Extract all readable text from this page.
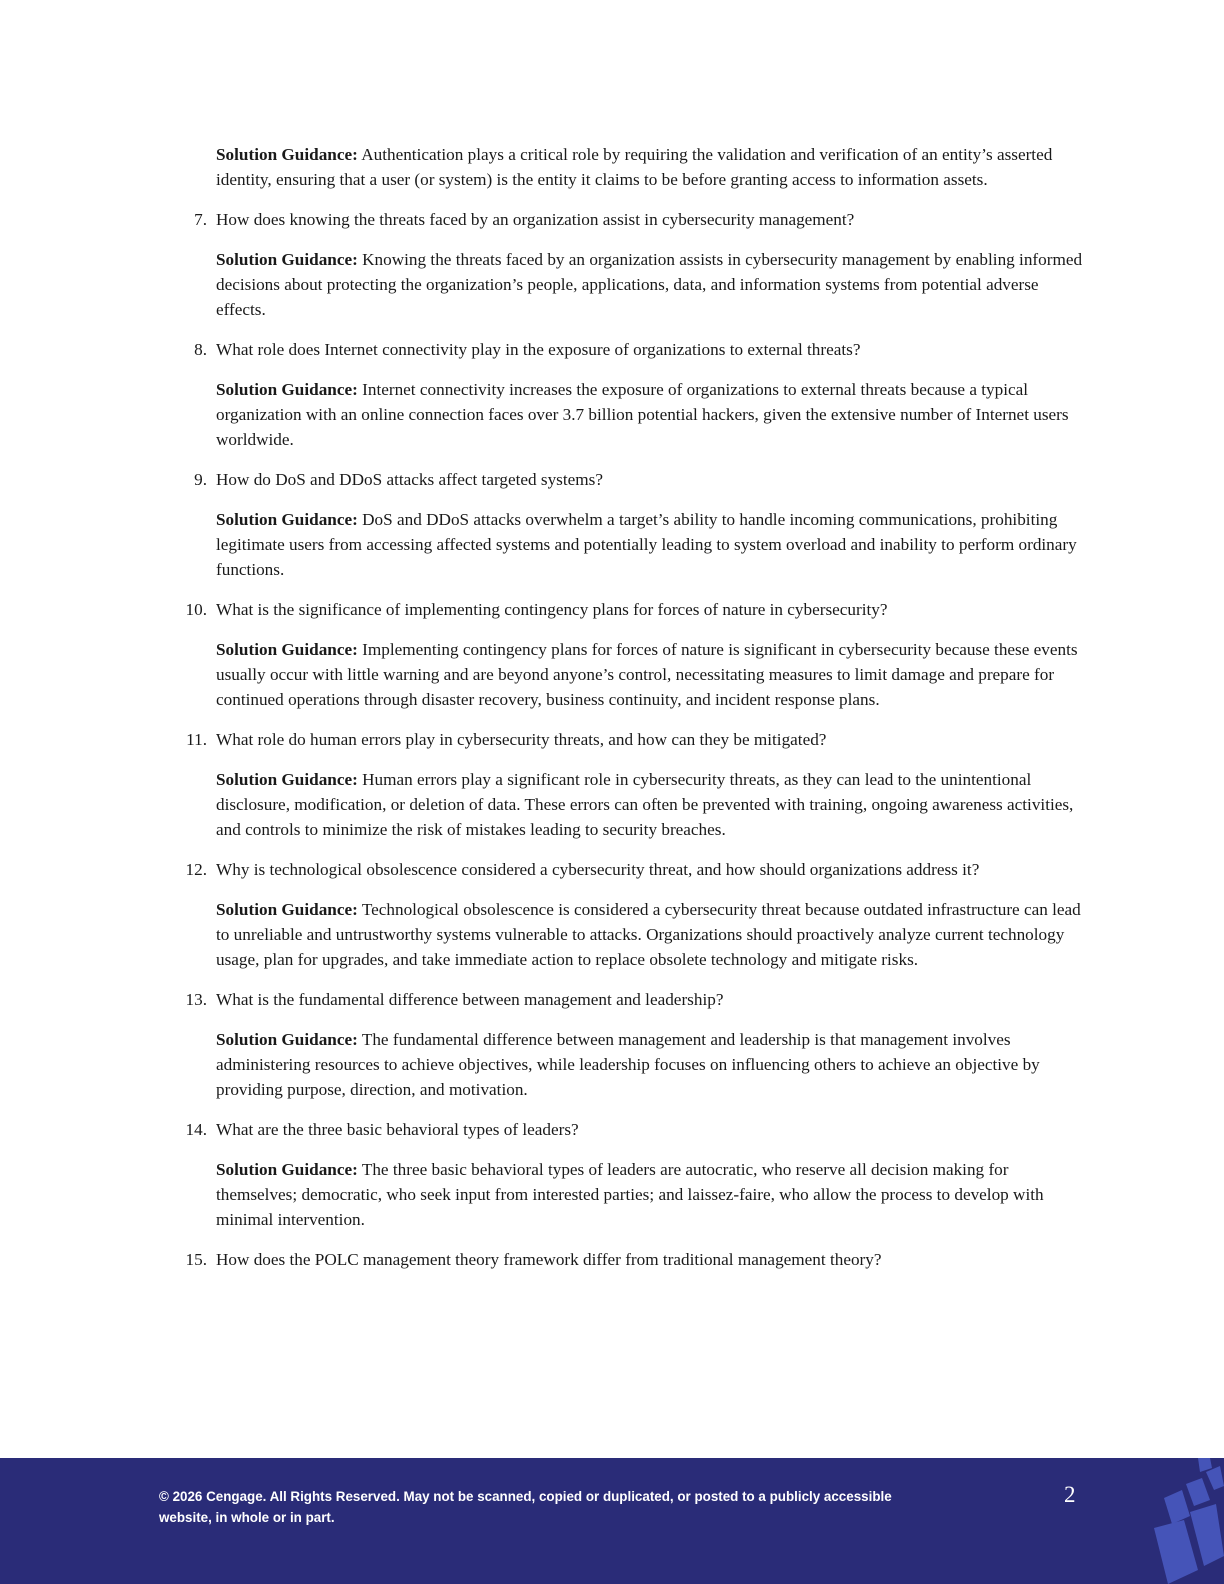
Solution Guidance: Authentication plays a critical role by requiring the validation and verification of an entity’s asserted identity, ensuring that a user (or system) is the entity it claims to be before granting access to information assets.

7. How does knowing the threats faced by an organization assist in cybersecurity management?

Solution Guidance: Knowing the threats faced by an organization assists in cybersecurity management by enabling informed decisions about protecting the organization’s people, applications, data, and information systems from potential adverse effects.

8. What role does Internet connectivity play in the exposure of organizations to external threats?

Solution Guidance: Internet connectivity increases the exposure of organizations to external threats because a typical organization with an online connection faces over 3.7 billion potential hackers, given the extensive number of Internet users worldwide.

9. How do DoS and DDoS attacks affect targeted systems?

Solution Guidance: DoS and DDoS attacks overwhelm a target’s ability to handle incoming communications, prohibiting legitimate users from accessing affected systems and potentially leading to system overload and inability to perform ordinary functions.

10. What is the significance of implementing contingency plans for forces of nature in cybersecurity?

Solution Guidance: Implementing contingency plans for forces of nature is significant in cybersecurity because these events usually occur with little warning and are beyond anyone’s control, necessitating measures to limit damage and prepare for continued operations through disaster recovery, business continuity, and incident response plans.

11. What role do human errors play in cybersecurity threats, and how can they be mitigated?

Solution Guidance: Human errors play a significant role in cybersecurity threats, as they can lead to the unintentional disclosure, modification, or deletion of data. These errors can often be prevented with training, ongoing awareness activities, and controls to minimize the risk of mistakes leading to security breaches.

12. Why is technological obsolescence considered a cybersecurity threat, and how should organizations address it?

Solution Guidance: Technological obsolescence is considered a cybersecurity threat because outdated infrastructure can lead to unreliable and untrustworthy systems vulnerable to attacks. Organizations should proactively analyze current technology usage, plan for upgrades, and take immediate action to replace obsolete technology and mitigate risks.

13. What is the fundamental difference between management and leadership?

Solution Guidance: The fundamental difference between management and leadership is that management involves administering resources to achieve objectives, while leadership focuses on influencing others to achieve an objective by providing purpose, direction, and motivation.

14. What are the three basic behavioral types of leaders?

Solution Guidance: The three basic behavioral types of leaders are autocratic, who reserve all decision making for themselves; democratic, who seek input from interested parties; and laissez-faire, who allow the process to develop with minimal intervention.

15. How does the POLC management theory framework differ from traditional management theory?

© 2026 Cengage. All Rights Reserved. May not be scanned, copied or duplicated, or posted to a publicly accessible website, in whole or in part.
2
